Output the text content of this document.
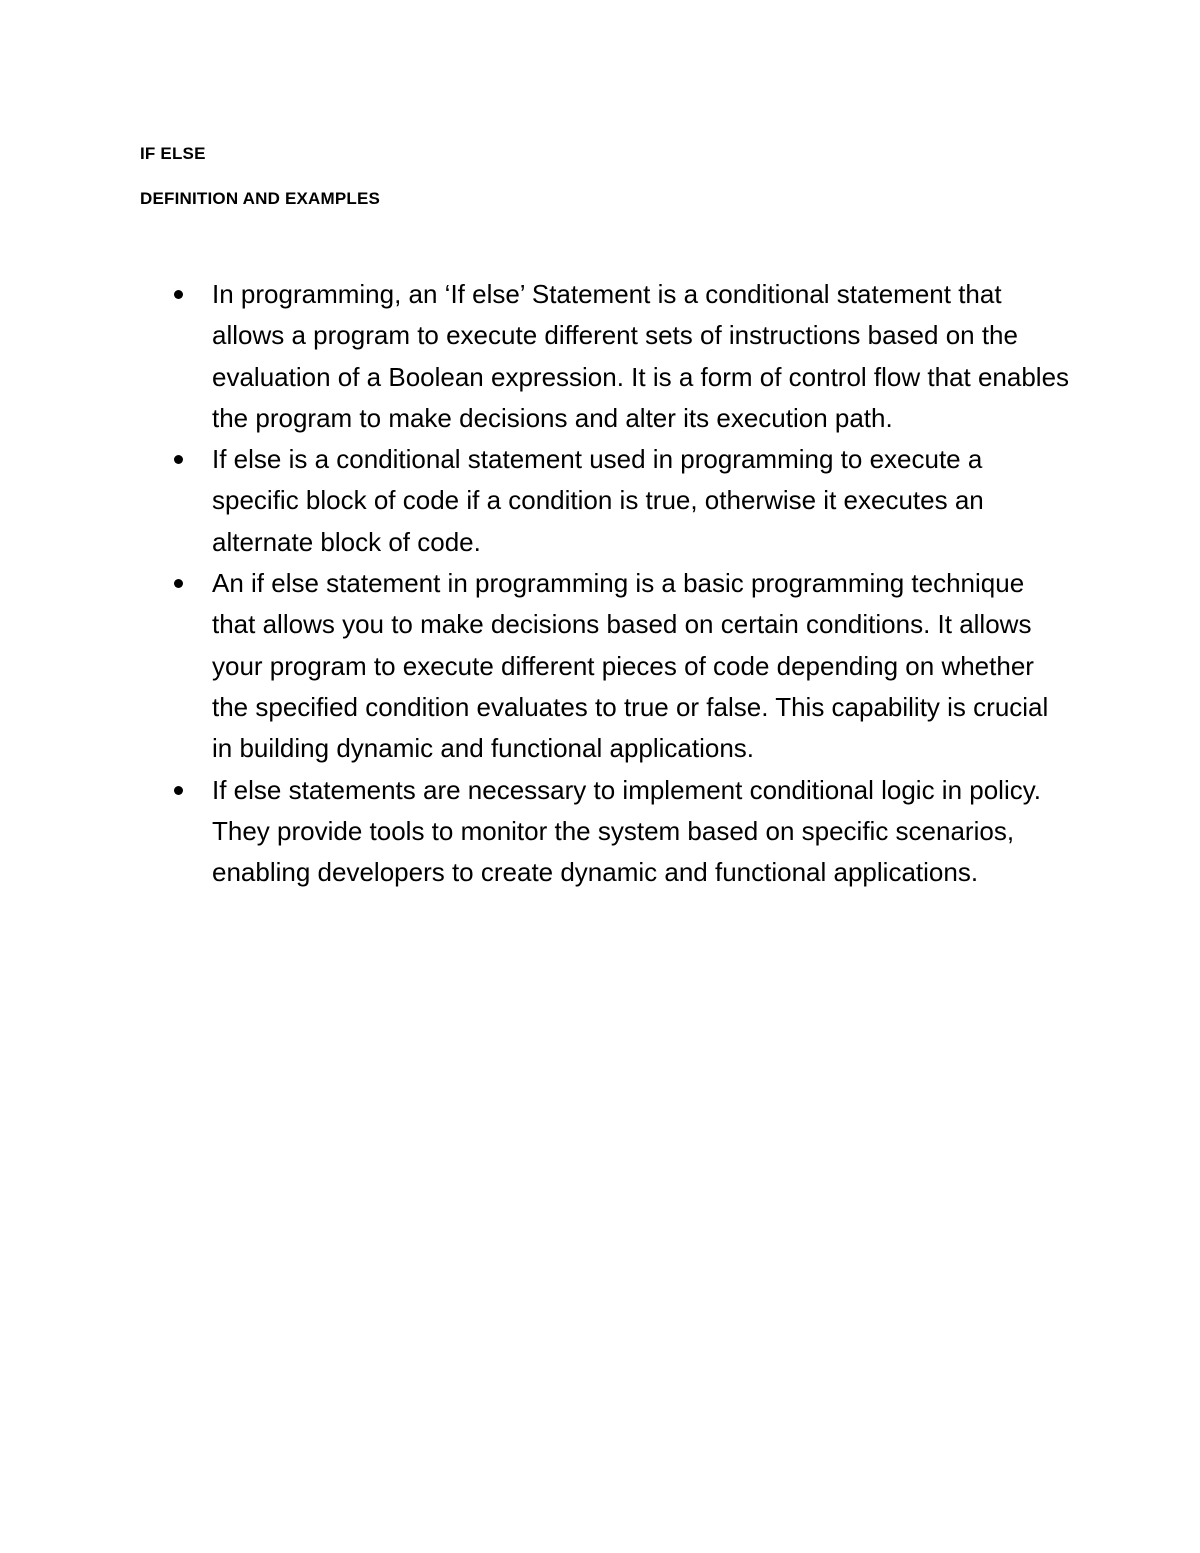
IF ELSE

DEFINITION AND EXAMPLES

In programming, an ‘If else’ Statement is a conditional statement that allows a program to execute different sets of instructions based on the evaluation of a Boolean expression. It is a form of control flow that enables the program to make decisions and alter its execution path.
If else is a conditional statement used in programming to execute a specific block of code if a condition is true, otherwise it executes an alternate block of code.
An if else statement in programming is a basic programming technique that allows you to make decisions based on certain conditions. It allows your program to execute different pieces of code depending on whether the specified condition evaluates to true or false. This capability is crucial in building dynamic and functional applications.
If else statements are necessary to implement conditional logic in policy. They provide tools to monitor the system based on specific scenarios, enabling developers to create dynamic and functional applications.
